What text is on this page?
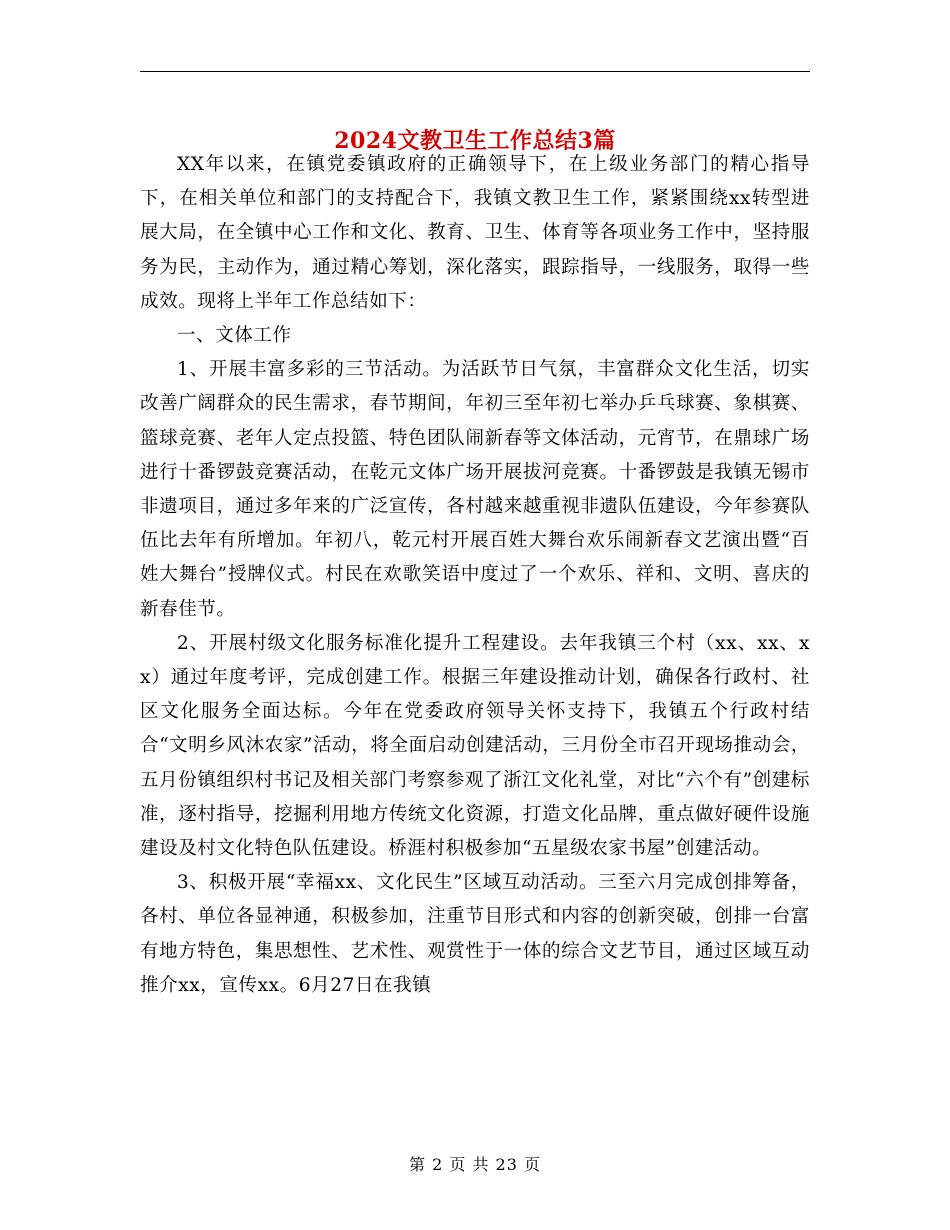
2024文教卫生工作总结3篇

XX年以来，在镇党委镇政府的正确领导下，在上级业务部门的精心指导下，在相关单位和部门的支持配合下，我镇文教卫生工作，紧紧围绕xx转型进展大局，在全镇中心工作和文化、教育、卫生、体育等各项业务工作中，坚持服务为民，主动作为，通过精心筹划，深化落实，跟踪指导，一线服务，取得一些成效。现将上半年工作总结如下：

一、文体工作

1、开展丰富多彩的三节活动。为活跃节日气氛，丰富群众文化生活，切实改善广阔群众的民生需求，春节期间，年初三至年初七举办乒乓球赛、象棋赛、篮球竞赛、老年人定点投篮、特色团队闹新春等文体活动，元宵节，在鼎球广场进行十番锣鼓竞赛活动，在乾元文体广场开展拔河竞赛。十番锣鼓是我镇无锡市非遗项目，通过多年来的广泛宣传，各村越来越重视非遗队伍建设，今年参赛队伍比去年有所增加。年初八，乾元村开展百姓大舞台欢乐闹新春文艺演出暨“百姓大舞台”授牌仪式。村民在欢歌笑语中度过了一个欢乐、祥和、文明、喜庆的新春佳节。

2、开展村级文化服务标准化提升工程建设。去年我镇三个村（xx、xx、xx）通过年度考评，完成创建工作。根据三年建设推动计划，确保各行政村、社区文化服务全面达标。今年在党委政府领导关怀支持下，我镇五个行政村结合“文明乡风沐农家”活动，将全面启动创建活动，三月份全市召开现场推动会，五月份镇组织村书记及相关部门考察参观了浙江文化礼堂，对比“六个有”创建标准，逐村指导，挖掘利用地方传统文化资源，打造文化品牌，重点做好硬件设施建设及村文化特色队伍建设。桥涯村积极参加“五星级农家书屋”创建活动。

3、积极开展“幸福xx、文化民生”区域互动活动。三至六月完成创排筹备，各村、单位各显神通，积极参加，注重节目形式和内容的创新突破，创排一台富有地方特色，集思想性、艺术性、观赏性于一体的综合文艺节目，通过区域互动推介xx，宣传xx。6月27日在我镇

第 2 页 共 23 页
